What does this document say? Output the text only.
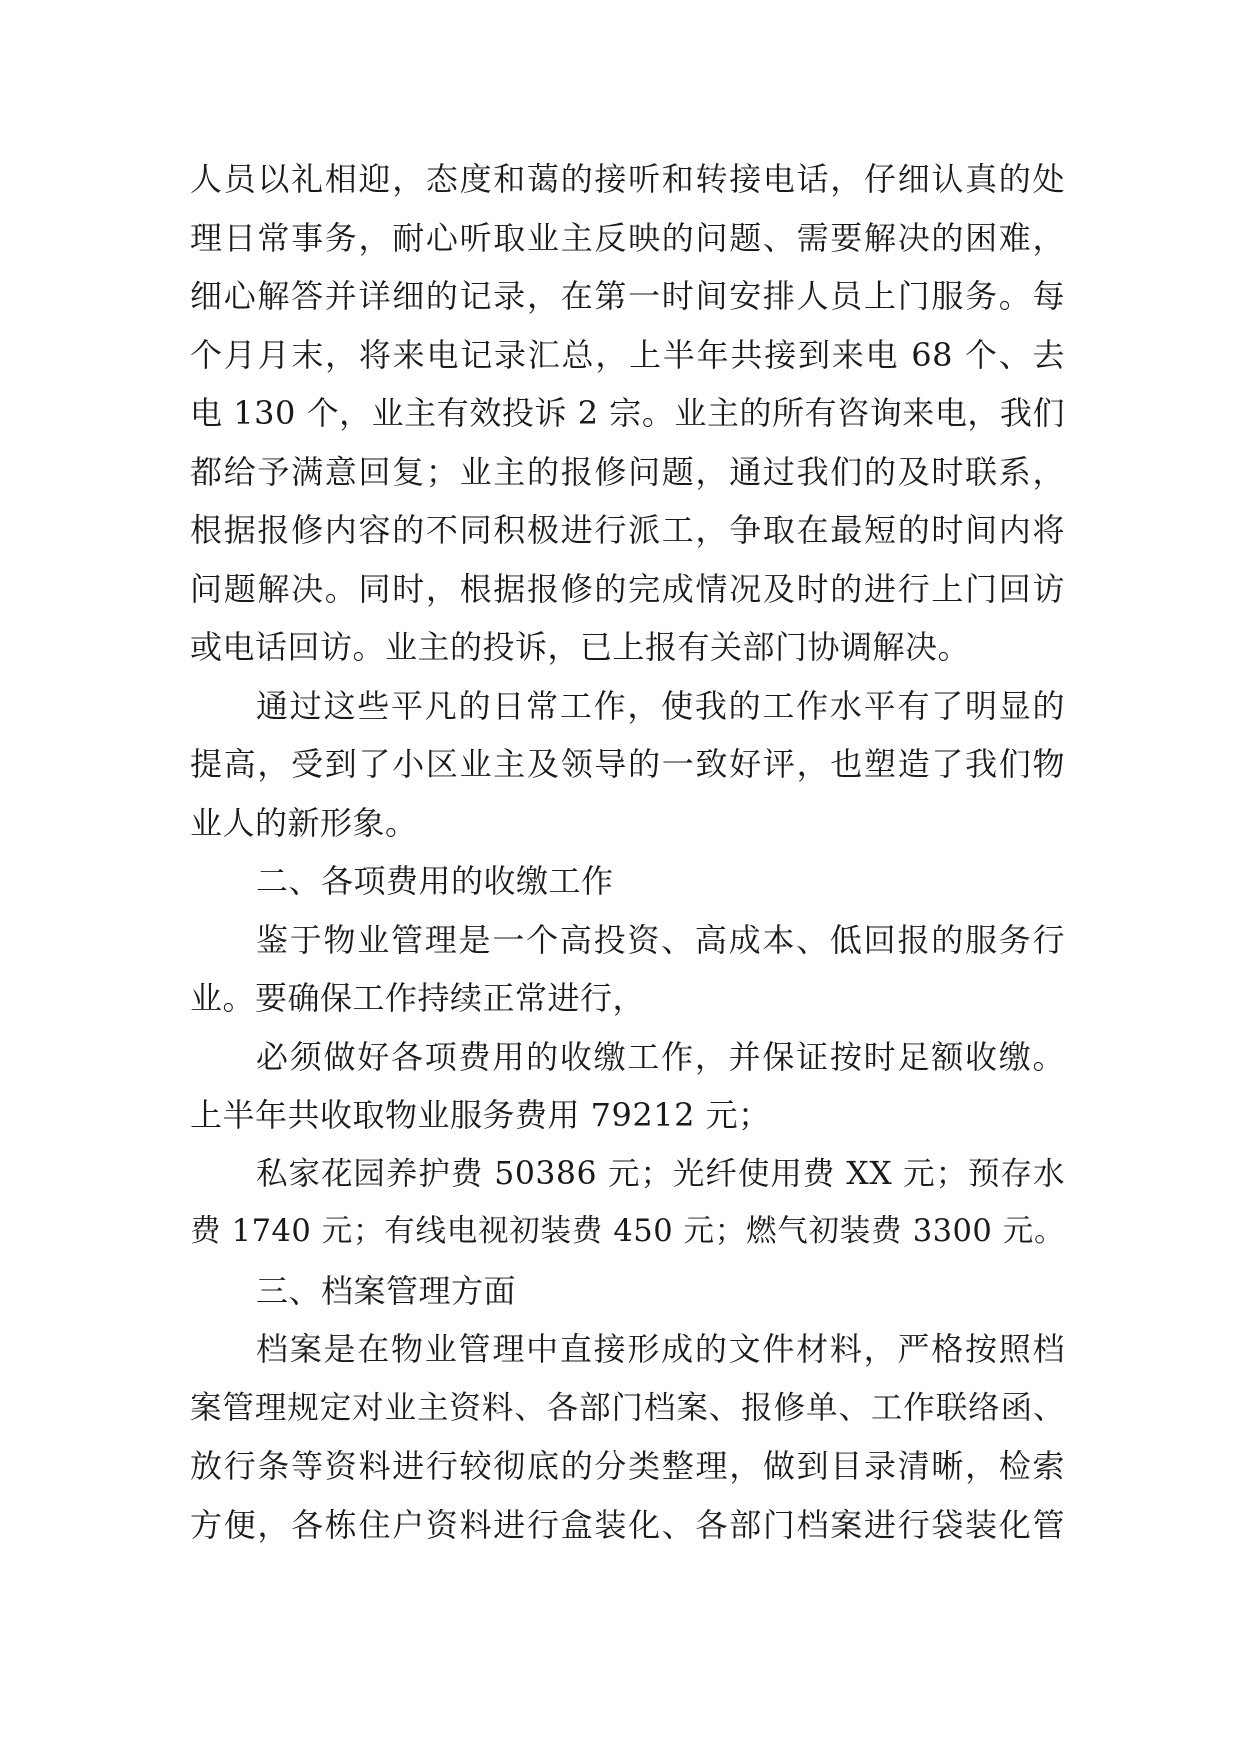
人员以礼相迎，态度和蔼的接听和转接电话，仔细认真的处
理日常事务，耐心听取业主反映的问题、需要解决的困难，
细心解答并详细的记录，在第一时间安排人员上门服务。每
个月月末，将来电记录汇总，上半年共接到来电 68 个、去
电 130 个，业主有效投诉 2 宗。业主的所有咨询来电，我们
都给予满意回复；业主的报修问题，通过我们的及时联系，
根据报修内容的不同积极进行派工，争取在最短的时间内将
问题解决。同时，根据报修的完成情况及时的进行上门回访
或电话回访。业主的投诉，已上报有关部门协调解决。
通过这些平凡的日常工作，使我的工作水平有了明显的
提高，受到了小区业主及领导的一致好评，也塑造了我们物
业人的新形象。
二、各项费用的收缴工作
鉴于物业管理是一个高投资、高成本、低回报的服务行
业。要确保工作持续正常进行，
必须做好各项费用的收缴工作，并保证按时足额收缴。
上半年共收取物业服务费用 79212 元；
私家花园养护费 50386 元；光纤使用费 XX 元；预存水
费 1740 元；有线电视初装费 450 元；燃气初装费 3300 元。
三、档案管理方面
档案是在物业管理中直接形成的文件材料，严格按照档
案管理规定对业主资料、各部门档案、报修单、工作联络函、
放行条等资料进行较彻底的分类整理，做到目录清晰，检索
方便，各栋住户资料进行盒装化、各部门档案进行袋装化管
